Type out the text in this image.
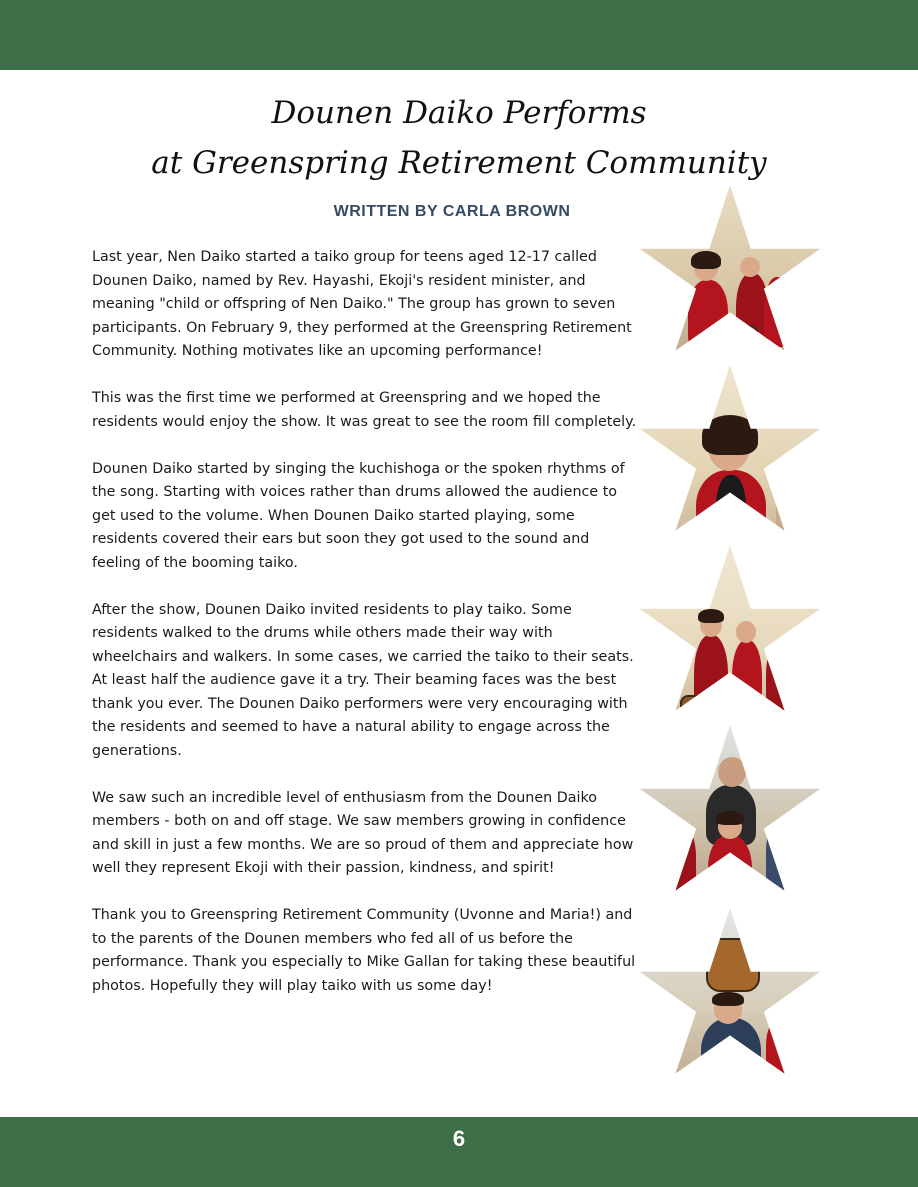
Dounen Daiko Performs
at Greenspring Retirement Community
WRITTEN BY CARLA BROWN

Last year, Nen Daiko started a taiko group for teens aged 12-17 called Dounen Daiko, named by Rev. Hayashi, Ekoji's resident minister, and meaning "child or offspring of Nen Daiko." The group has grown to seven participants. On February 9, they performed at the Greenspring Retirement Community. Nothing motivates like an upcoming performance!

This was the first time we performed at Greenspring and we hoped the residents would enjoy the show. It was great to see the room fill completely.

Dounen Daiko started by singing the kuchishoga or the spoken rhythms of the song. Starting with voices rather than drums allowed the audience to get used to the volume. When Dounen Daiko started playing, some residents covered their ears but soon they got used to the sound and feeling of the booming taiko.

After the show, Dounen Daiko invited residents to play taiko. Some residents walked to the drums while others made their way with wheelchairs and walkers. In some cases, we carried the taiko to their seats. At least half the audience gave it a try. Their beaming faces was the best thank you ever. The Dounen Daiko performers were very encouraging with the residents and seemed to have a natural ability to engage across the generations.

We saw such an incredible level of enthusiasm from the Dounen Daiko members - both on and off stage. We saw members growing in confidence and skill in just a few months. We are so proud of them and appreciate how well they represent Ekoji with their passion, kindness, and spirit!

Thank you to Greenspring Retirement Community (Uvonne and Maria!) and to the parents of the Dounen members who fed all of us before the performance. Thank you especially to Mike Gallan for taking these beautiful photos. Hopefully they will play taiko with us some day!

6
